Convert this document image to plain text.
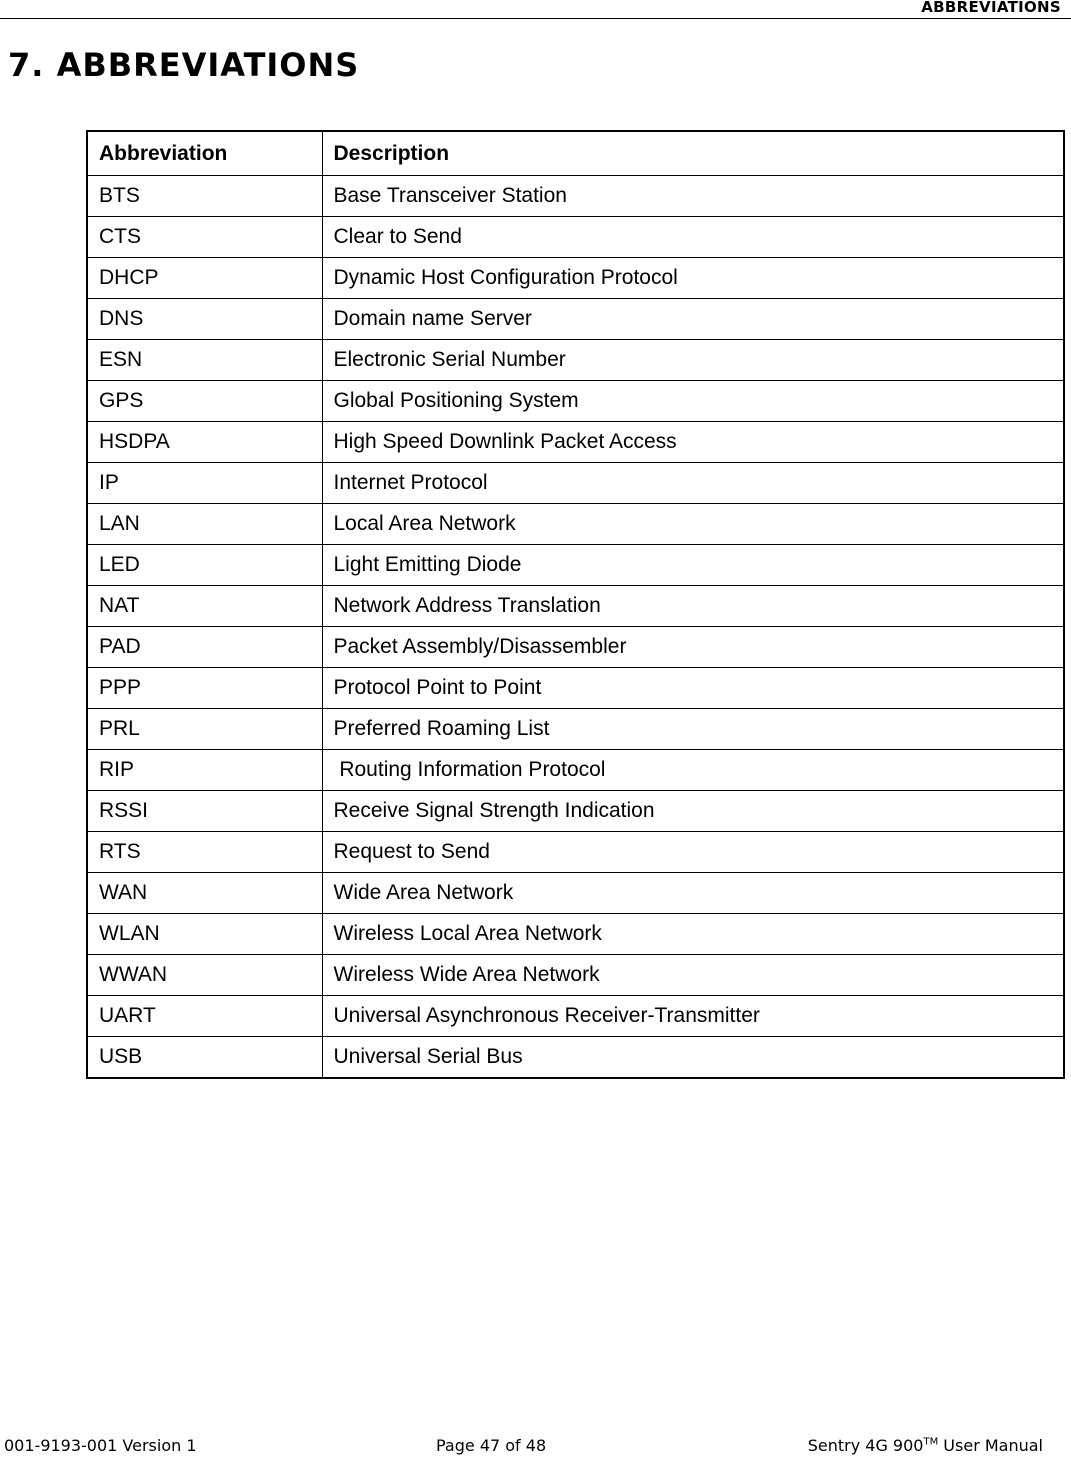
ABBREVIATIONS
7. ABBREVIATIONS
Abbreviation	Description
BTS	Base Transceiver Station
CTS	Clear to Send
DHCP	Dynamic Host Configuration Protocol
DNS	Domain name Server
ESN	Electronic Serial Number
GPS	Global Positioning System
HSDPA	High Speed Downlink Packet Access
IP	Internet Protocol
LAN	Local Area Network
LED	Light Emitting Diode
NAT	Network Address Translation
PAD	Packet Assembly/Disassembler
PPP	Protocol Point to Point
PRL	Preferred Roaming List
RIP	Routing Information Protocol
RSSI	Receive Signal Strength Indication
RTS	Request to Send
WAN	Wide Area Network
WLAN	Wireless Local Area Network
WWAN	Wireless Wide Area Network
UART	Universal Asynchronous Receiver-Transmitter
USB	Universal Serial Bus
001-9193-001 Version 1	Page 47 of 48	Sentry 4G 900™ User Manual
